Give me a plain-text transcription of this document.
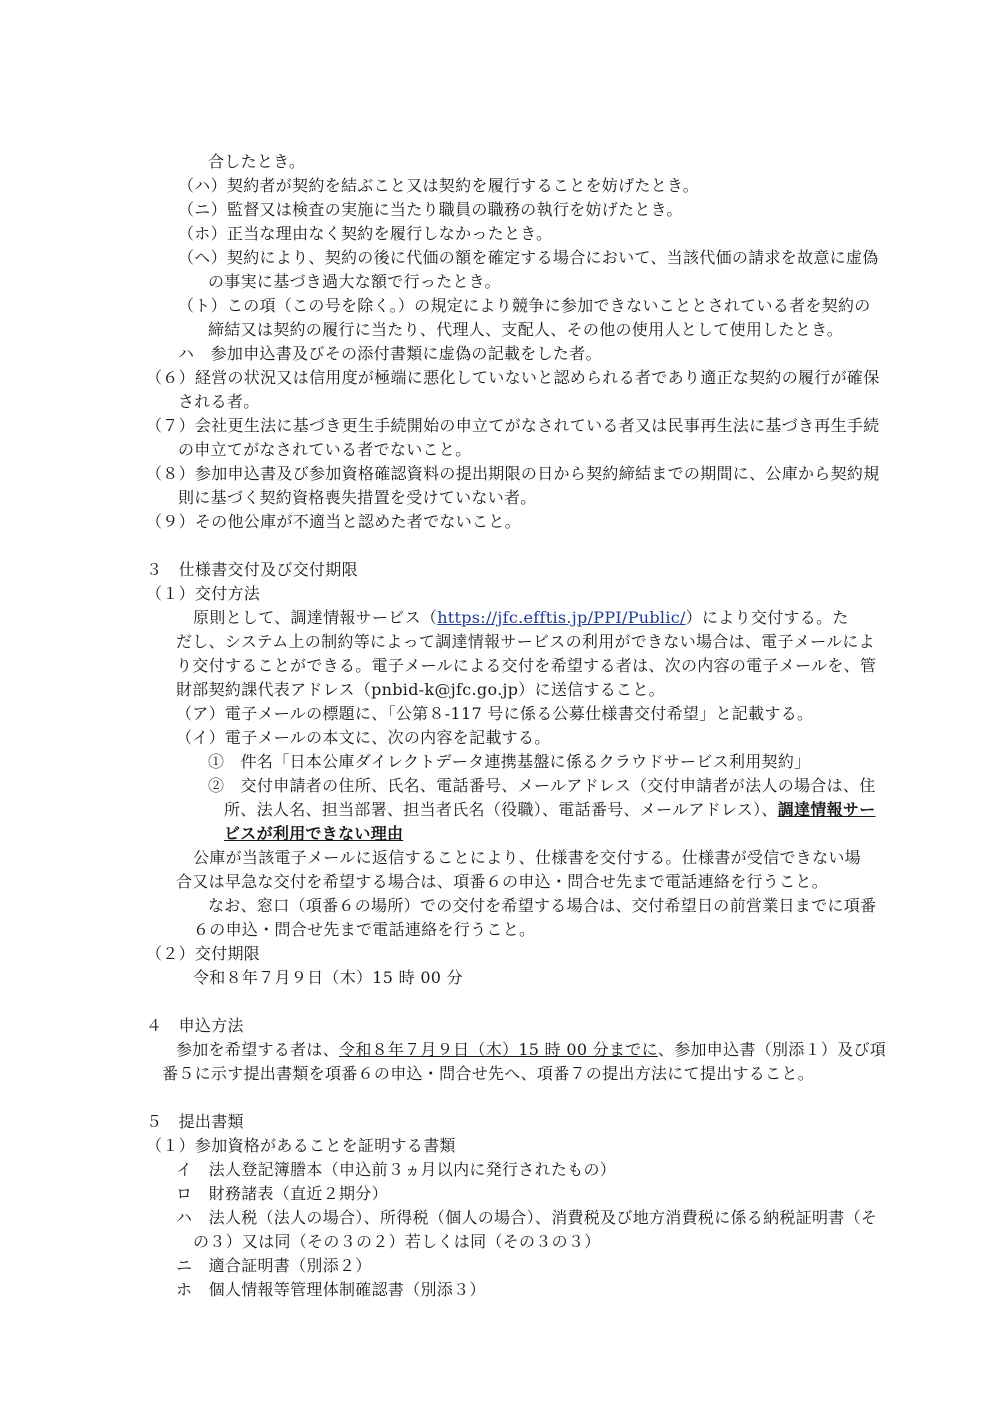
合したとき。
（ハ）契約者が契約を結ぶこと又は契約を履行することを妨げたとき。
（ニ）監督又は検査の実施に当たり職員の職務の執行を妨げたとき。
（ホ）正当な理由なく契約を履行しなかったとき。
（ヘ）契約により、契約の後に代価の額を確定する場合において、当該代価の請求を故意に虚偽
の事実に基づき過大な額で行ったとき。
（ト）この項（この号を除く。）の規定により競争に参加できないこととされている者を契約の
締結又は契約の履行に当たり、代理人、支配人、その他の使用人として使用したとき。
ハ　参加申込書及びその添付書類に虚偽の記載をした者。
（６）経営の状況又は信用度が極端に悪化していないと認められる者であり適正な契約の履行が確保
される者。
（７）会社更生法に基づき更生手続開始の申立てがなされている者又は民事再生法に基づき再生手続
の申立てがなされている者でないこと。
（８）参加申込書及び参加資格確認資料の提出期限の日から契約締結までの期間に、公庫から契約規
則に基づく契約資格喪失措置を受けていない者。
（９）その他公庫が不適当と認めた者でないこと。
３　仕様書交付及び交付期限
（１）交付方法
原則として、調達情報サービス（https://jfc.efftis.jp/PPI/Public/）により交付する。た
だし、システム上の制約等によって調達情報サービスの利用ができない場合は、電子メールによ
り交付することができる。電子メールによる交付を希望する者は、次の内容の電子メールを、管
財部契約課代表アドレス（pnbid-k@jfc.go.jp）に送信すること。
（ア）電子メールの標題に、「公第８-117 号に係る公募仕様書交付希望」と記載する。
（イ）電子メールの本文に、次の内容を記載する。
①　件名「日本公庫ダイレクトデータ連携基盤に係るクラウドサービス利用契約」
②　交付申請者の住所、氏名、電話番号、メールアドレス（交付申請者が法人の場合は、住
所、法人名、担当部署、担当者氏名（役職）、電話番号、メールアドレス）、調達情報サー
ビスが利用できない理由
公庫が当該電子メールに返信することにより、仕様書を交付する。仕様書が受信できない場
合又は早急な交付を希望する場合は、項番６の申込・問合せ先まで電話連絡を行うこと。
なお、窓口（項番６の場所）での交付を希望する場合は、交付希望日の前営業日までに項番
６の申込・問合せ先まで電話連絡を行うこと。
（２）交付期限
令和８年７月９日（木）15 時 00 分
４　申込方法
参加を希望する者は、令和８年７月９日（木）15 時 00 分までに、参加申込書（別添１）及び項
番５に示す提出書類を項番６の申込・問合せ先へ、項番７の提出方法にて提出すること。
５　提出書類
（１）参加資格があることを証明する書類
イ　法人登記簿謄本（申込前３ヵ月以内に発行されたもの）
ロ　財務諸表（直近２期分）
ハ　法人税（法人の場合）、所得税（個人の場合）、消費税及び地方消費税に係る納税証明書（そ
の３）又は同（その３の２）若しくは同（その３の３）
ニ　適合証明書（別添２）
ホ　個人情報等管理体制確認書（別添３）
